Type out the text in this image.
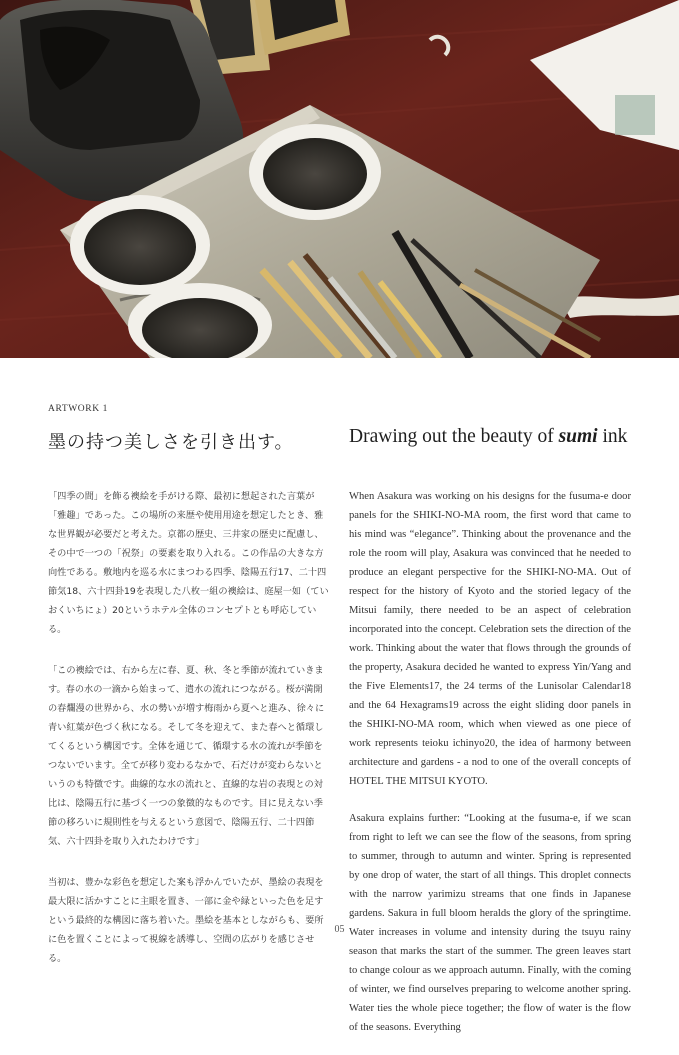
ARTWORK 1
墨の持つ美しさを引き出す。	Drawing out the beauty of sumi ink

「四季の間」を飾る襖絵を手がける際、最初に想起された言葉が「雅趣」であった。この場所の来歴や使用用途を想定したとき、雅な世界観が必要だと考えた。京都の歴史、三井家の歴史に配慮し、その中で一つの「祝祭」の要素を取り入れる。この作品の大きな方向性である。敷地内を巡る水にまつわる四季、陰陽五行17、二十四節気18、六十四卦19を表現した八枚一組の襖絵は、庭屋一如（ていおくいちにょ）20というホテル全体のコンセプトとも呼応している。

「この襖絵では、右から左に春、夏、秋、冬と季節が流れていきます。春の水の一滴から始まって、遣水の流れにつながる。桜が満開の春爛漫の世界から、水の勢いが増す梅雨から夏へと進み、徐々に青い紅葉が色づく秋になる。そして冬を迎えて、また春へと循環してくるという構図です。全体を通じて、循環する水の流れが季節をつないでいます。全てが移り変わるなかで、石だけが変わらないというのも特徴です。曲線的な水の流れと、直線的な岩の表現との対比は、陰陽五行に基づく一つの象徴的なものです。目に見えない季節の移ろいに規則性を与えるという意図で、陰陽五行、二十四節気、六十四卦を取り入れたわけです」

当初は、豊かな彩色を想定した案も浮かんでいたが、墨絵の表現を最大限に活かすことに主眼を置き、一部に金や緑といった色を足すという最終的な構図に落ち着いた。墨絵を基本としながらも、要所に色を置くことによって視線を誘導し、空間の広がりを感じさせる。

When Asakura was working on his designs for the fusuma-e door panels for the SHIKI-NO-MA room, the first word that came to his mind was “elegance”. Thinking about the provenance and the role the room will play, Asakura was convinced that he needed to produce an elegant perspective for the SHIKI-NO-MA. Out of respect for the history of Kyoto and the storied legacy of the Mitsui family, there needed to be an aspect of celebration incorporated into the concept. Celebration sets the direction of the work. Thinking about the water that flows through the grounds of the property, Asakura decided he wanted to express Yin/Yang and the Five Elements17, the 24 terms of the Lunisolar Calendar18 and the 64 Hexagrams19 across the eight sliding door panels in the SHIKI-NO-MA room, which when viewed as one piece of work represents teioku ichinyo20, the idea of harmony between architecture and gardens - a nod to one of the overall concepts of HOTEL THE MITSUI KYOTO.

Asakura explains further: “Looking at the fusuma-e, if we scan from right to left we can see the flow of the seasons, from spring to summer, through to autumn and winter. Spring is represented by one drop of water, the start of all things. This droplet connects with the narrow yarimizu streams that one finds in Japanese gardens. Sakura in full bloom heralds the glory of the springtime. Water increases in volume and intensity during the tsuyu rainy season that marks the start of the summer. The green leaves start to change colour as we approach autumn. Finally, with the coming of winter, we find ourselves preparing to welcome another spring. Water ties the whole piece together; the flow of water is the flow of the seasons. Everything

05
